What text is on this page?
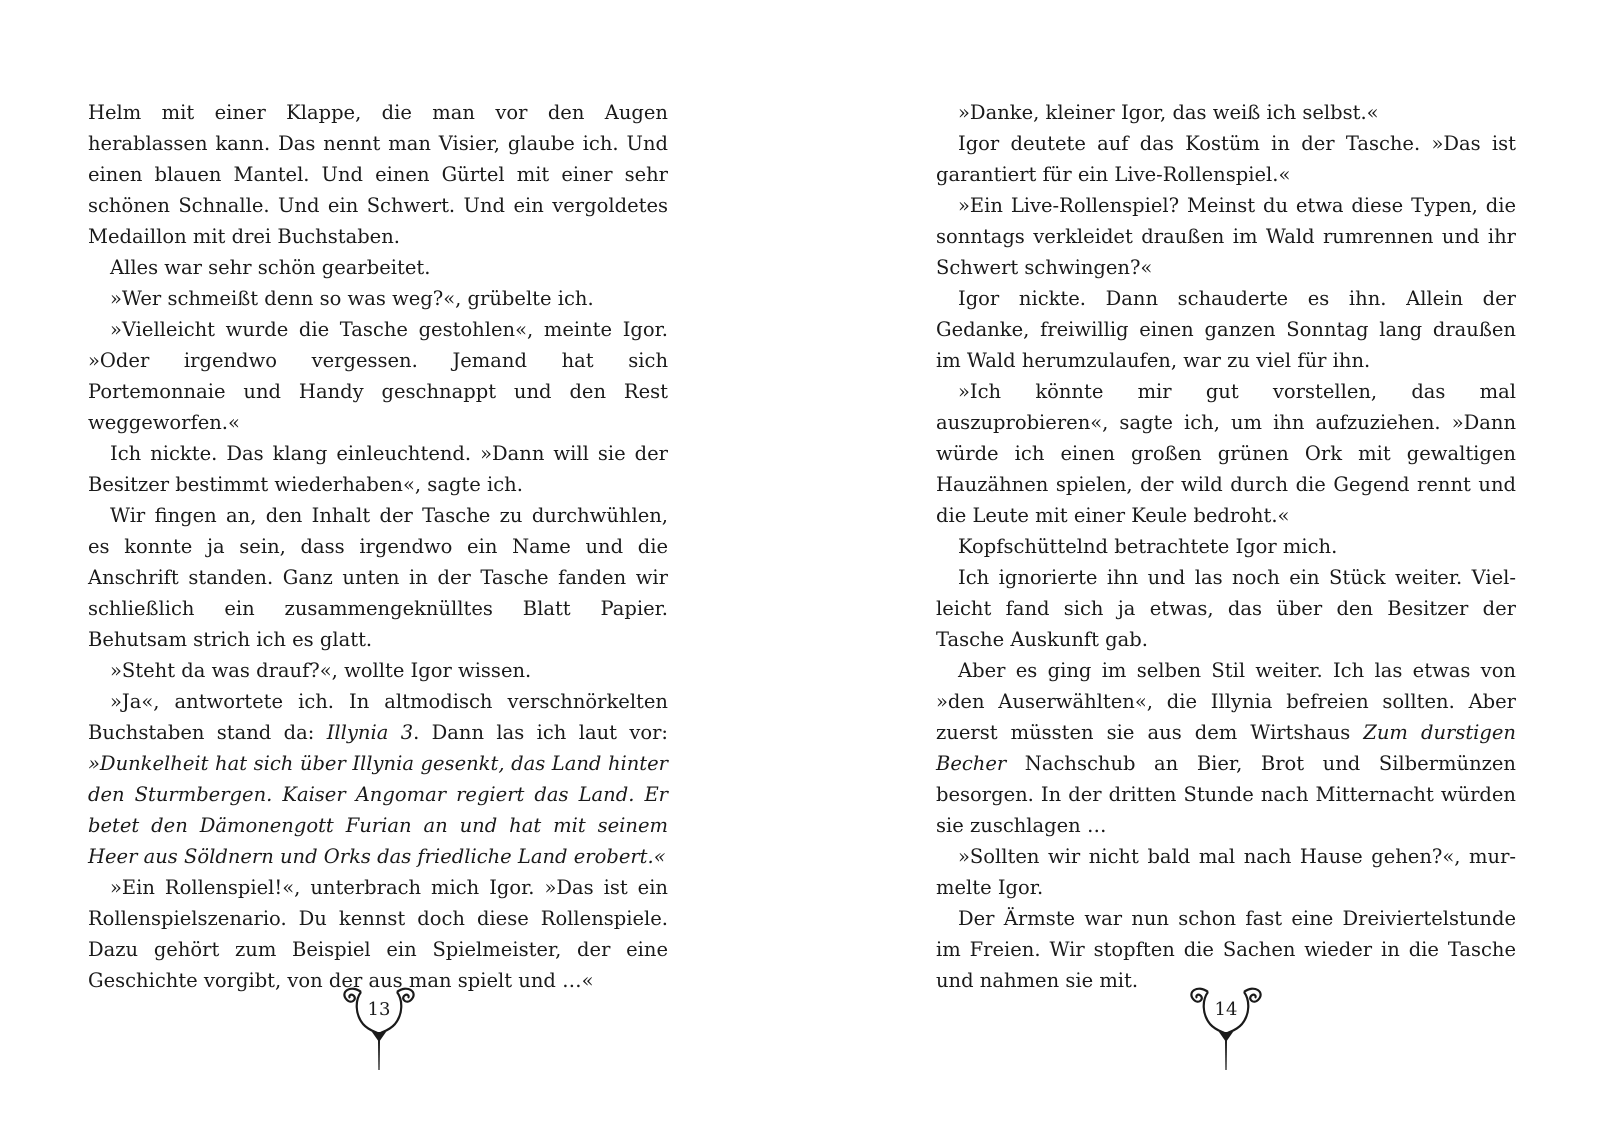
Helm mit einer Klappe, die man vor den Augen herablassen kann. Das nennt man Visier, glaube ich. Und einen blauen Mantel. Und einen Gürtel mit einer sehr schönen Schnalle. Und ein Schwert. Und ein vergoldetes Medaillon mit drei Buchstaben.

Alles war sehr schön gearbeitet.

»Wer schmeißt denn so was weg?«, grübelte ich.

»Vielleicht wurde die Tasche gestohlen«, meinte Igor. »Oder irgendwo vergessen. Jemand hat sich Portemonnaie und Handy geschnappt und den Rest weggeworfen.«

Ich nickte. Das klang einleuchtend. »Dann will sie der Besitzer bestimmt wiederhaben«, sagte ich.

Wir fingen an, den Inhalt der Tasche zu durchwühlen, es konnte ja sein, dass irgendwo ein Name und die Anschrift standen. Ganz unten in der Tasche fanden wir schließlich ein zusammengeknülltes Blatt Papier. Behutsam strich ich es glatt.

»Steht da was drauf?«, wollte Igor wissen.

»Ja«, antwortete ich. In altmodisch verschnörkelten Buchstaben stand da: Illynia 3. Dann las ich laut vor: »Dunkelheit hat sich über Illynia gesenkt, das Land hinter den Sturmbergen. Kaiser Angomar regiert das Land. Er betet den Dämonengott Furian an und hat mit seinem Heer aus Söldnern und Orks das friedliche Land erobert.«

»Ein Rollenspiel!«, unterbrach mich Igor. »Das ist ein Rollenspielszenario. Du kennst doch diese Rollenspiele. Dazu gehört zum Beispiel ein Spielmeister, der eine Geschichte vorgibt, von der aus man spielt und …«

13

»Danke, kleiner Igor, das weiß ich selbst.«

Igor deutete auf das Kostüm in der Tasche. »Das ist garantiert für ein Live-Rollenspiel.«

»Ein Live-Rollenspiel? Meinst du etwa diese Typen, die sonntags verkleidet draußen im Wald rumrennen und ihr Schwert schwingen?«

Igor nickte. Dann schauderte es ihn. Allein der Gedanke, freiwillig einen ganzen Sonntag lang draußen im Wald herumzulaufen, war zu viel für ihn.

»Ich könnte mir gut vorstellen, das mal auszuprobieren«, sagte ich, um ihn aufzuziehen. »Dann würde ich einen großen grünen Ork mit gewaltigen Hauzähnen spielen, der wild durch die Gegend rennt und die Leute mit einer Keule bedroht.«

Kopfschüttelnd betrachtete Igor mich.

Ich ignorierte ihn und las noch ein Stück weiter. Vielleicht fand sich ja etwas, das über den Besitzer der Tasche Auskunft gab.

Aber es ging im selben Stil weiter. Ich las etwas von »den Auserwählten«, die Illynia befreien sollten. Aber zuerst müssten sie aus dem Wirtshaus Zum durstigen Becher Nachschub an Bier, Brot und Silbermünzen besorgen. In der dritten Stunde nach Mitternacht würden sie zuschlagen …

»Sollten wir nicht bald mal nach Hause gehen?«, murmelte Igor.

Der Ärmste war nun schon fast eine Dreiviertelstunde im Freien. Wir stopften die Sachen wieder in die Tasche und nahmen sie mit.

14
